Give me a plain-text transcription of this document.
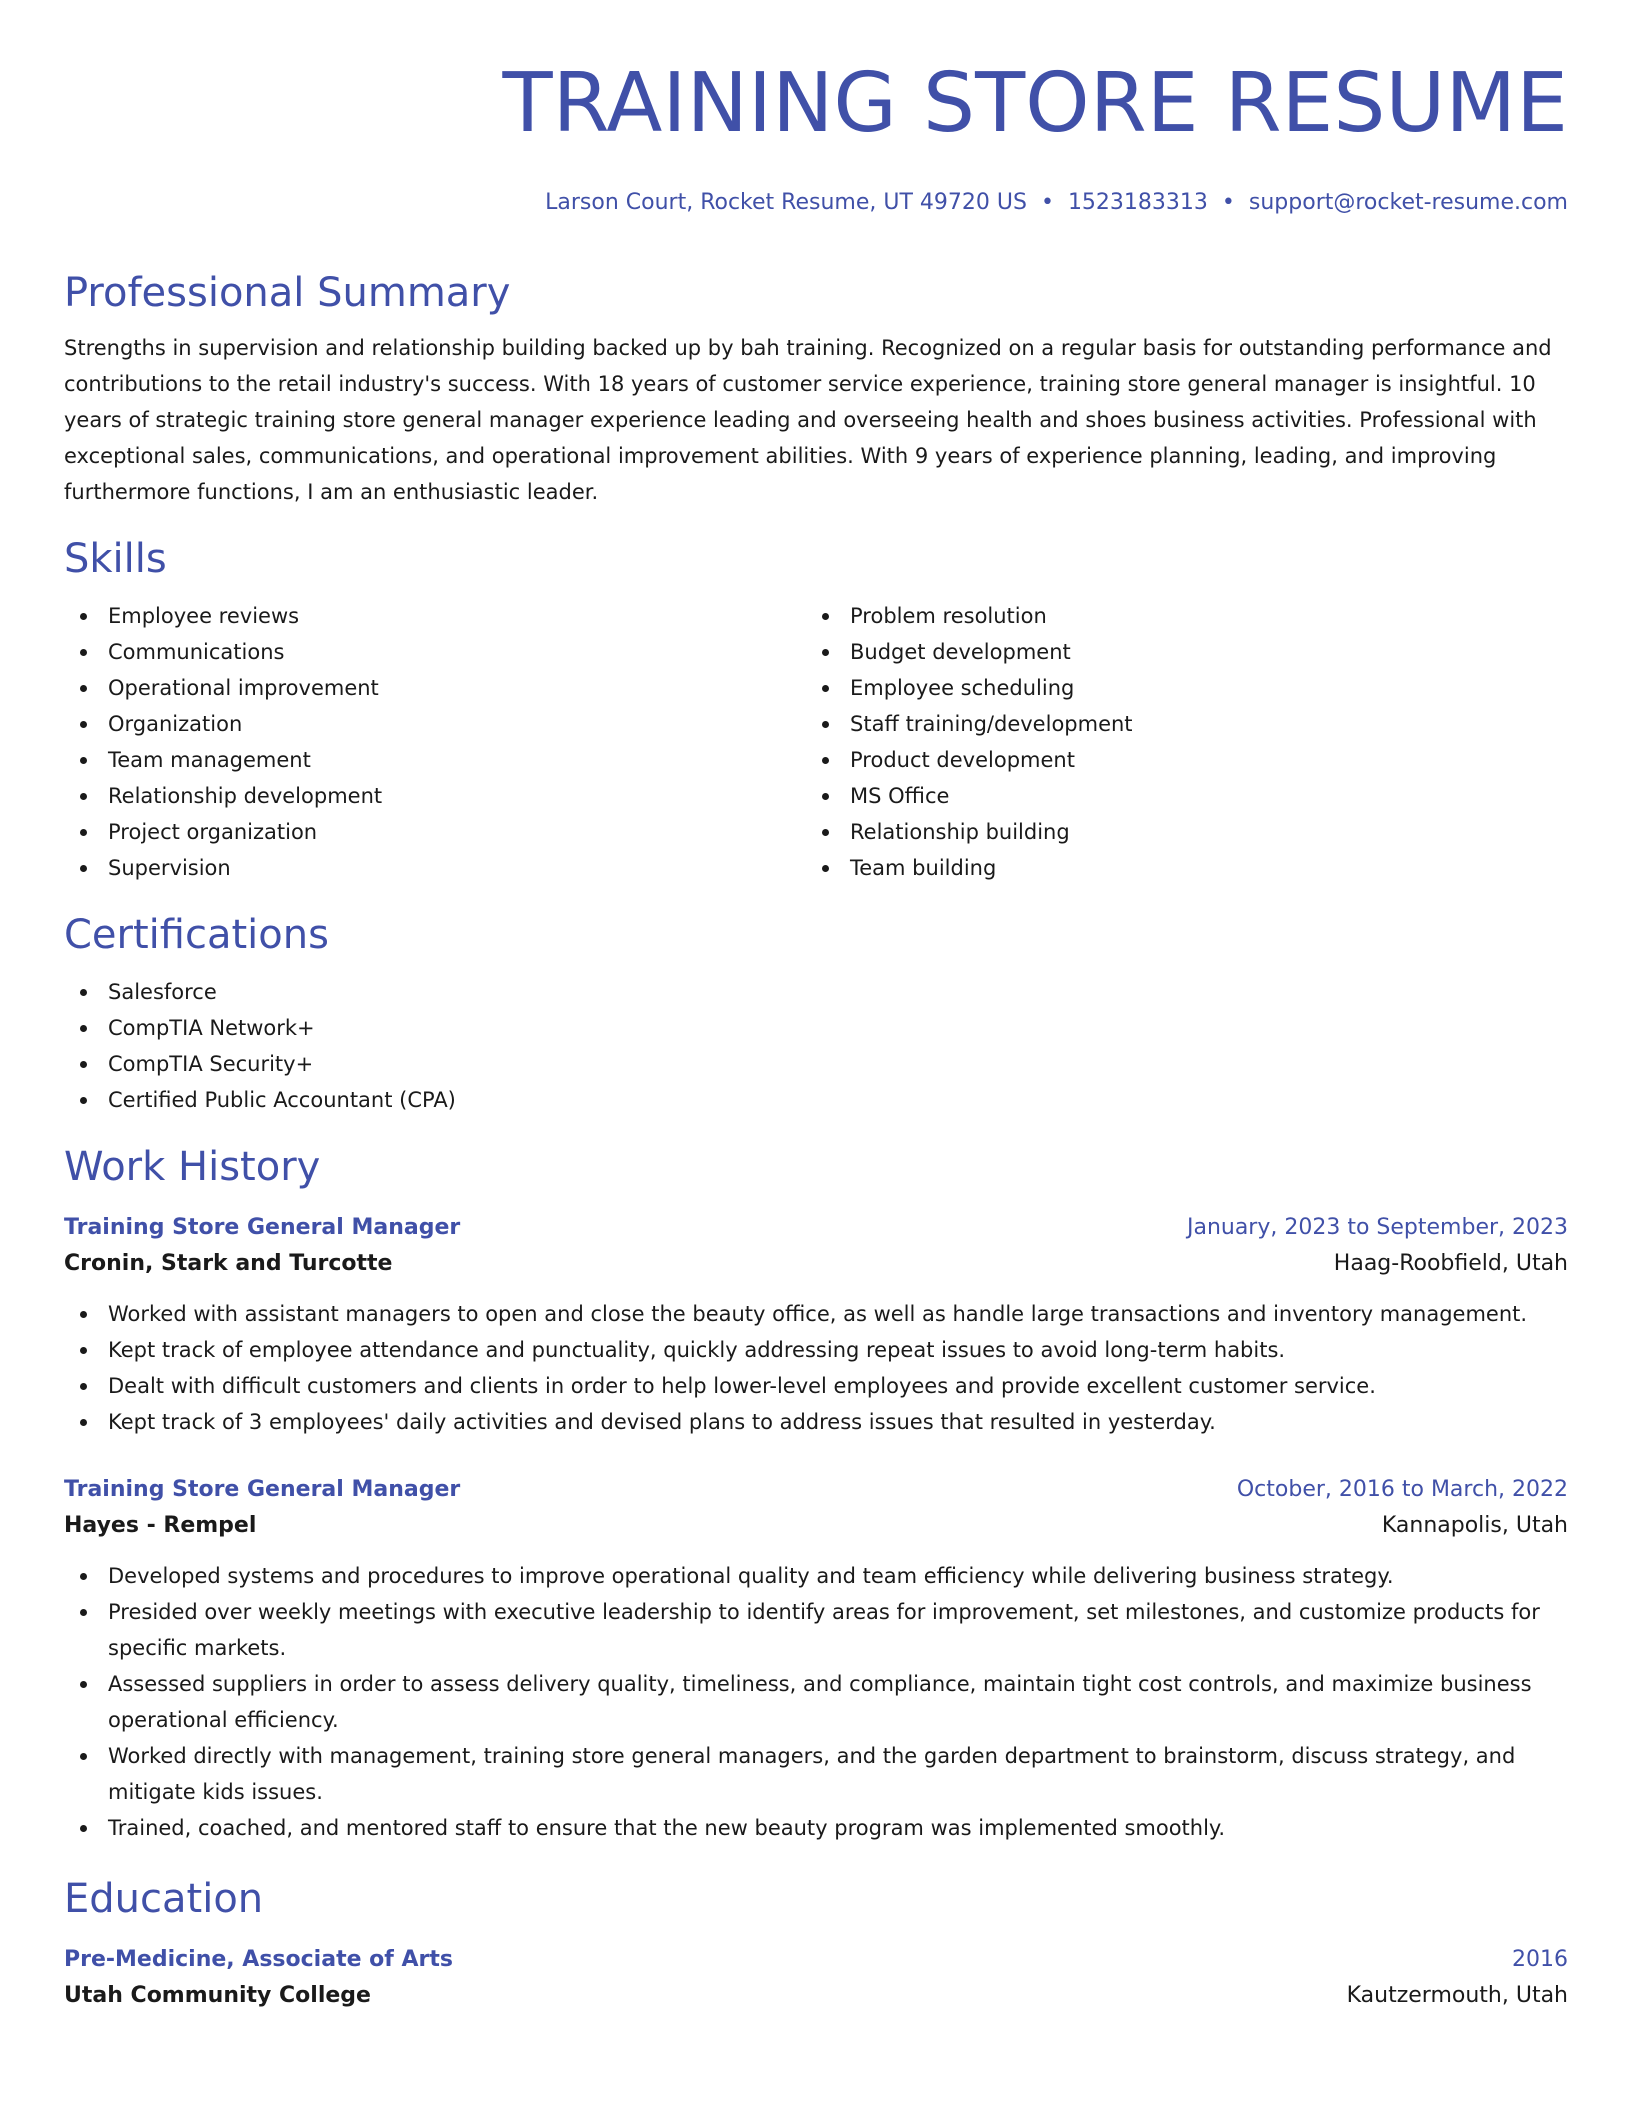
TRAINING STORE RESUME
Larson Court, Rocket Resume, UT 49720 US • 1523183313 • support@rocket-resume.com
Professional Summary

Strengths in supervision and relationship building backed up by bah training. Recognized on a regular basis for outstanding performance and contributions to the retail industry's success. With 18 years of customer service experience, training store general manager is insightful. 10 years of strategic training store general manager experience leading and overseeing health and shoes business activities. Professional with exceptional sales, communications, and operational improvement abilities. With 9 years of experience planning, leading, and improving furthermore functions, I am an enthusiastic leader.

Skills
Employee reviews
Communications
Operational improvement
Organization
Team management
Relationship development
Project organization
Supervision
Problem resolution
Budget development
Employee scheduling
Staff training/development
Product development
MS Office
Relationship building
Team building
Certifications
Salesforce
CompTIA Network+
CompTIA Security+
Certified Public Accountant (CPA)
Work History
Training Store General Manager	January, 2023 to September, 2023
Cronin, Stark and Turcotte	Haag-Roobfield, Utah
Worked with assistant managers to open and close the beauty office, as well as handle large transactions and inventory management.
Kept track of employee attendance and punctuality, quickly addressing repeat issues to avoid long-term habits.
Dealt with difficult customers and clients in order to help lower-level employees and provide excellent customer service.
Kept track of 3 employees' daily activities and devised plans to address issues that resulted in yesterday.
Training Store General Manager	October, 2016 to March, 2022
Hayes - Rempel	Kannapolis, Utah
Developed systems and procedures to improve operational quality and team efficiency while delivering business strategy.
Presided over weekly meetings with executive leadership to identify areas for improvement, set milestones, and customize products for specific markets.
Assessed suppliers in order to assess delivery quality, timeliness, and compliance, maintain tight cost controls, and maximize business operational efficiency.
Worked directly with management, training store general managers, and the garden department to brainstorm, discuss strategy, and mitigate kids issues.
Trained, coached, and mentored staff to ensure that the new beauty program was implemented smoothly.
Education
Pre-Medicine, Associate of Arts	2016
Utah Community College	Kautzermouth, Utah
